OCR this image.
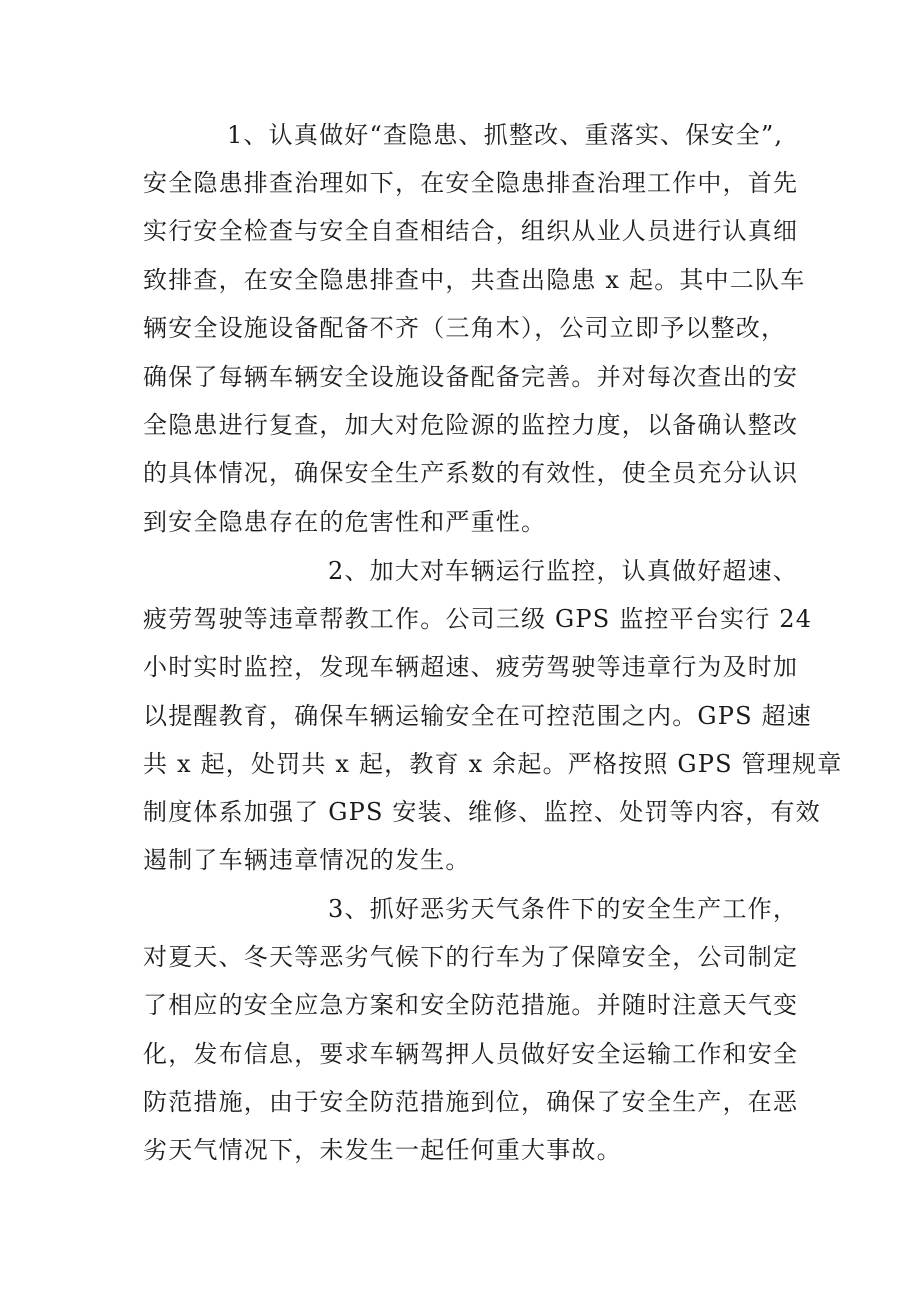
1、认真做好“查隐患、抓整改、重落实、保安全”,
安全隐患排查治理如下，在安全隐患排查治理工作中，首先
实行安全检查与安全自查相结合，组织从业人员进行认真细
致排查，在安全隐患排查中，共查出隐患 x 起。其中二队车
辆安全设施设备配备不齐（三角木），公司立即予以整改，
确保了每辆车辆安全设施设备配备完善。并对每次查出的安
全隐患进行复查，加大对危险源的监控力度，以备确认整改
的具体情况，确保安全生产系数的有效性，使全员充分认识
到安全隐患存在的危害性和严重性。
2、加大对车辆运行监控，认真做好超速、
疲劳驾驶等违章帮教工作。公司三级 GPS 监控平台实行 24
小时实时监控，发现车辆超速、疲劳驾驶等违章行为及时加
以提醒教育，确保车辆运输安全在可控范围之内。GPS 超速
共 x 起，处罚共 x 起，教育 x 余起。严格按照 GPS 管理规章
制度体系加强了 GPS 安装、维修、监控、处罚等内容，有效
遏制了车辆违章情况的发生。
3、抓好恶劣天气条件下的安全生产工作，
对夏天、冬天等恶劣气候下的行车为了保障安全，公司制定
了相应的安全应急方案和安全防范措施。并随时注意天气变
化，发布信息，要求车辆驾押人员做好安全运输工作和安全
防范措施，由于安全防范措施到位，确保了安全生产，在恶
劣天气情况下，未发生一起任何重大事故。
